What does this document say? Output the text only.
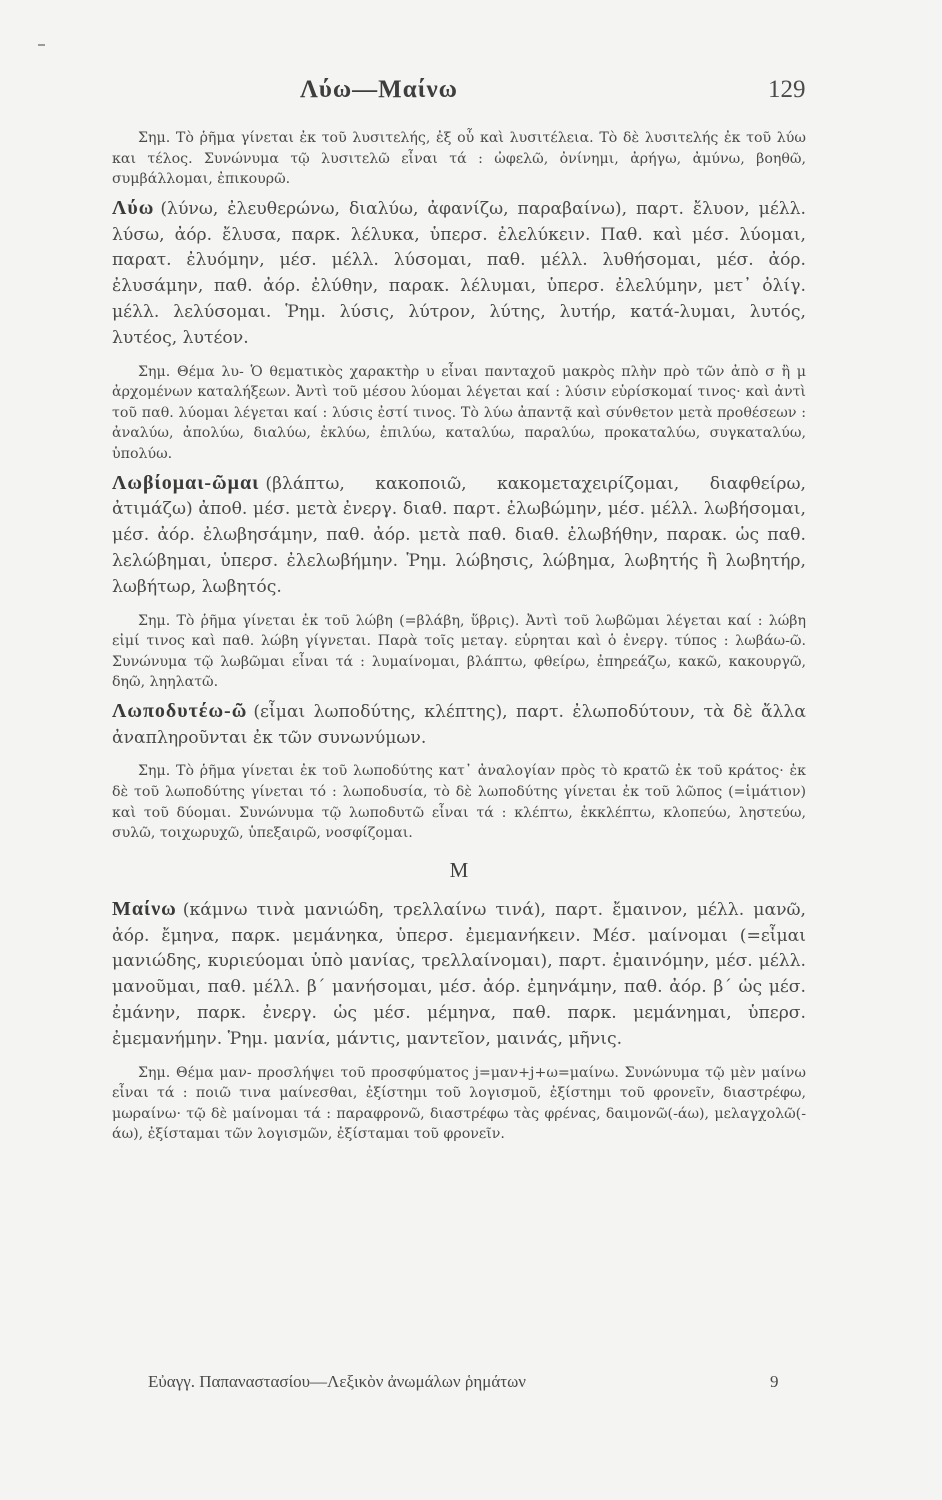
Λύω—Μαίνω	129

Σημ. Τὸ ῥῆμα γίνεται ἐκ τοῦ λυσιτελής, ἐξ οὗ καὶ λυσιτέλεια. Τὸ δὲ λυσιτελής ἐκ τοῦ λύω και τέλος. Συνώνυμα τῷ λυσιτελῶ εἶναι τά : ὠφελῶ, ὀνίνημι, ἀρήγω, ἀμύνω, βοηθῶ, συμβάλλομαι, ἐπικουρῶ.

Λύω (λύνω, ἐλευθερώνω, διαλύω, ἀφανίζω, παραβαίνω), παρτ. ἔλυον, μέλλ. λύσω, ἀόρ. ἔλυσα, παρκ. λέλυκα, ὑπερσ. ἐλελύκειν. Παθ. καὶ μέσ. λύομαι, παρατ. ἐλυόμην, μέσ. μέλλ. λύσομαι, παθ. μέλλ. λυθήσομαι, μέσ. ἀόρ. ἐλυσάμην, παθ. ἀόρ. ἐλύθην, παρακ. λέλυμαι, ὑπερσ. ἐλελύμην, μετ᾽ ὀλίγ. μέλλ. λελύσομαι. Ῥημ. λύσις, λύτρον, λύτης, λυτήρ, κατά-λυμαι, λυτός, λυτέος, λυτέον.

Σημ. Θέμα λυ- Ὁ θεματικὸς χαρακτὴρ υ εἶναι πανταχοῦ μακρὸς πλὴν πρὸ τῶν ἀπὸ σ ἢ μ ἀρχομένων καταλήξεων. Ἀντὶ τοῦ μέσου λύομαι λέγεται καί : λύσιν εὑρίσκομαί τινος· καὶ ἀντὶ τοῦ παθ. λύομαι λέγεται καί : λύσις ἐστί τινος. Τὸ λύω ἀπαντᾷ καὶ σύνθετον μετὰ προθέσεων : ἀναλύω, ἀπολύω, διαλύω, ἐκλύω, ἐπιλύω, καταλύω, παραλύω, προκαταλύω, συγκαταλύω, ὑπολύω.

Λωβίομαι-ῶμαι (βλάπτω, κακοποιῶ, κακομεταχειρίζομαι, διαφθείρω, ἀτιμάζω) ἀποθ. μέσ. μετὰ ἐνεργ. διαθ. παρτ. ἐλωβώμην, μέσ. μέλλ. λωβήσομαι, μέσ. ἀόρ. ἐλωβησάμην, παθ. ἀόρ. μετὰ παθ. διαθ. ἐλωβήθην, παρακ. ὡς παθ. λελώβημαι, ὑπερσ. ἐλελωβήμην. Ῥημ. λώβησις, λώβημα, λωβητής ἢ λωβητήρ, λωβήτωρ, λωβητός.

Σημ. Τὸ ῥῆμα γίνεται ἐκ τοῦ λώβη (=βλάβη, ὕβρις). Ἀντὶ τοῦ λωβῶμαι λέγεται καί : λώβη εἰμί τινος καὶ παθ. λώβη γίγνεται. Παρὰ τοῖς μεταγ. εὑρηται καὶ ὁ ἐνεργ. τύπος : λωβάω-ῶ. Συνώνυμα τῷ λωβῶμαι εἶναι τά : λυμαίνομαι, βλάπτω, φθείρω, ἐπηρεάζω, κακῶ, κακουργῶ, δηῶ, ληηλατῶ.

Λωποδυτέω-ῶ (εἶμαι λωποδύτης, κλέπτης), παρτ. ἐλωποδύτουν, τὰ δὲ ἄλλα ἀναπληροῦνται ἐκ τῶν συνωνύμων.

Σημ. Τὸ ῥῆμα γίνεται ἐκ τοῦ λωποδύτης κατ᾽ ἀναλογίαν πρὸς τὸ κρατῶ ἐκ τοῦ κράτος· ἐκ δὲ τοῦ λωποδύτης γίνεται τό : λωποδυσία, τὸ δὲ λωποδύτης γίνεται ἐκ τοῦ λῶπος (=ἱμάτιον) καὶ τοῦ δύομαι. Συνώνυμα τῷ λωποδυτῶ εἶναι τά : κλέπτω, ἐκκλέπτω, κλοπεύω, ληστεύω, συλῶ, τοιχωρυχῶ, ὑπεξαιρῶ, νοσφίζομαι.

Μ

Μαίνω (κάμνω τινὰ μανιώδη, τρελλαίνω τινά), παρτ. ἔμαινον, μέλλ. μανῶ, ἀόρ. ἔμηνα, παρκ. μεμάνηκα, ὑπερσ. ἐμεμανήκειν. Μέσ. μαίνομαι (=εἶμαι μανιώδης, κυριεύομαι ὑπὸ μανίας, τρελλαίνομαι), παρτ. ἐμαινόμην, μέσ. μέλλ. μανοῦμαι, παθ. μέλλ. β´ μανήσομαι, μέσ. ἀόρ. ἐμηνάμην, παθ. ἀόρ. β´ ὡς μέσ. ἐμάνην, παρκ. ἐνεργ. ὡς μέσ. μέμηνα, παθ. παρκ. μεμάνημαι, ὑπερσ. ἐμεμανήμην. Ῥημ. μανία, μάντις, μαντεῖον, μαινάς, μῆνις.

Σημ. Θέμα μαν- προσλήψει τοῦ προσφύματος j=μαν+j+ω=μαίνω. Συνώνυμα τῷ μὲν μαίνω εἶναι τά : ποιῶ τινα μαίνεσθαι, ἐξίστημι τοῦ λογισμοῦ, ἐξίστημι τοῦ φρονεῖν, διαστρέφω, μωραίνω· τῷ δὲ μαίνομαι τά : παραφρονῶ, διαστρέφω τὰς φρένας, δαιμονῶ(-άω), μελαγχολῶ(-άω), ἐξίσταμαι τῶν λογισμῶν, ἐξίσταμαι τοῦ φρονεῖν.

Εὐαγγ. Παπαναστασίου—Λεξικὸν ἀνωμάλων ῥημάτων	9
